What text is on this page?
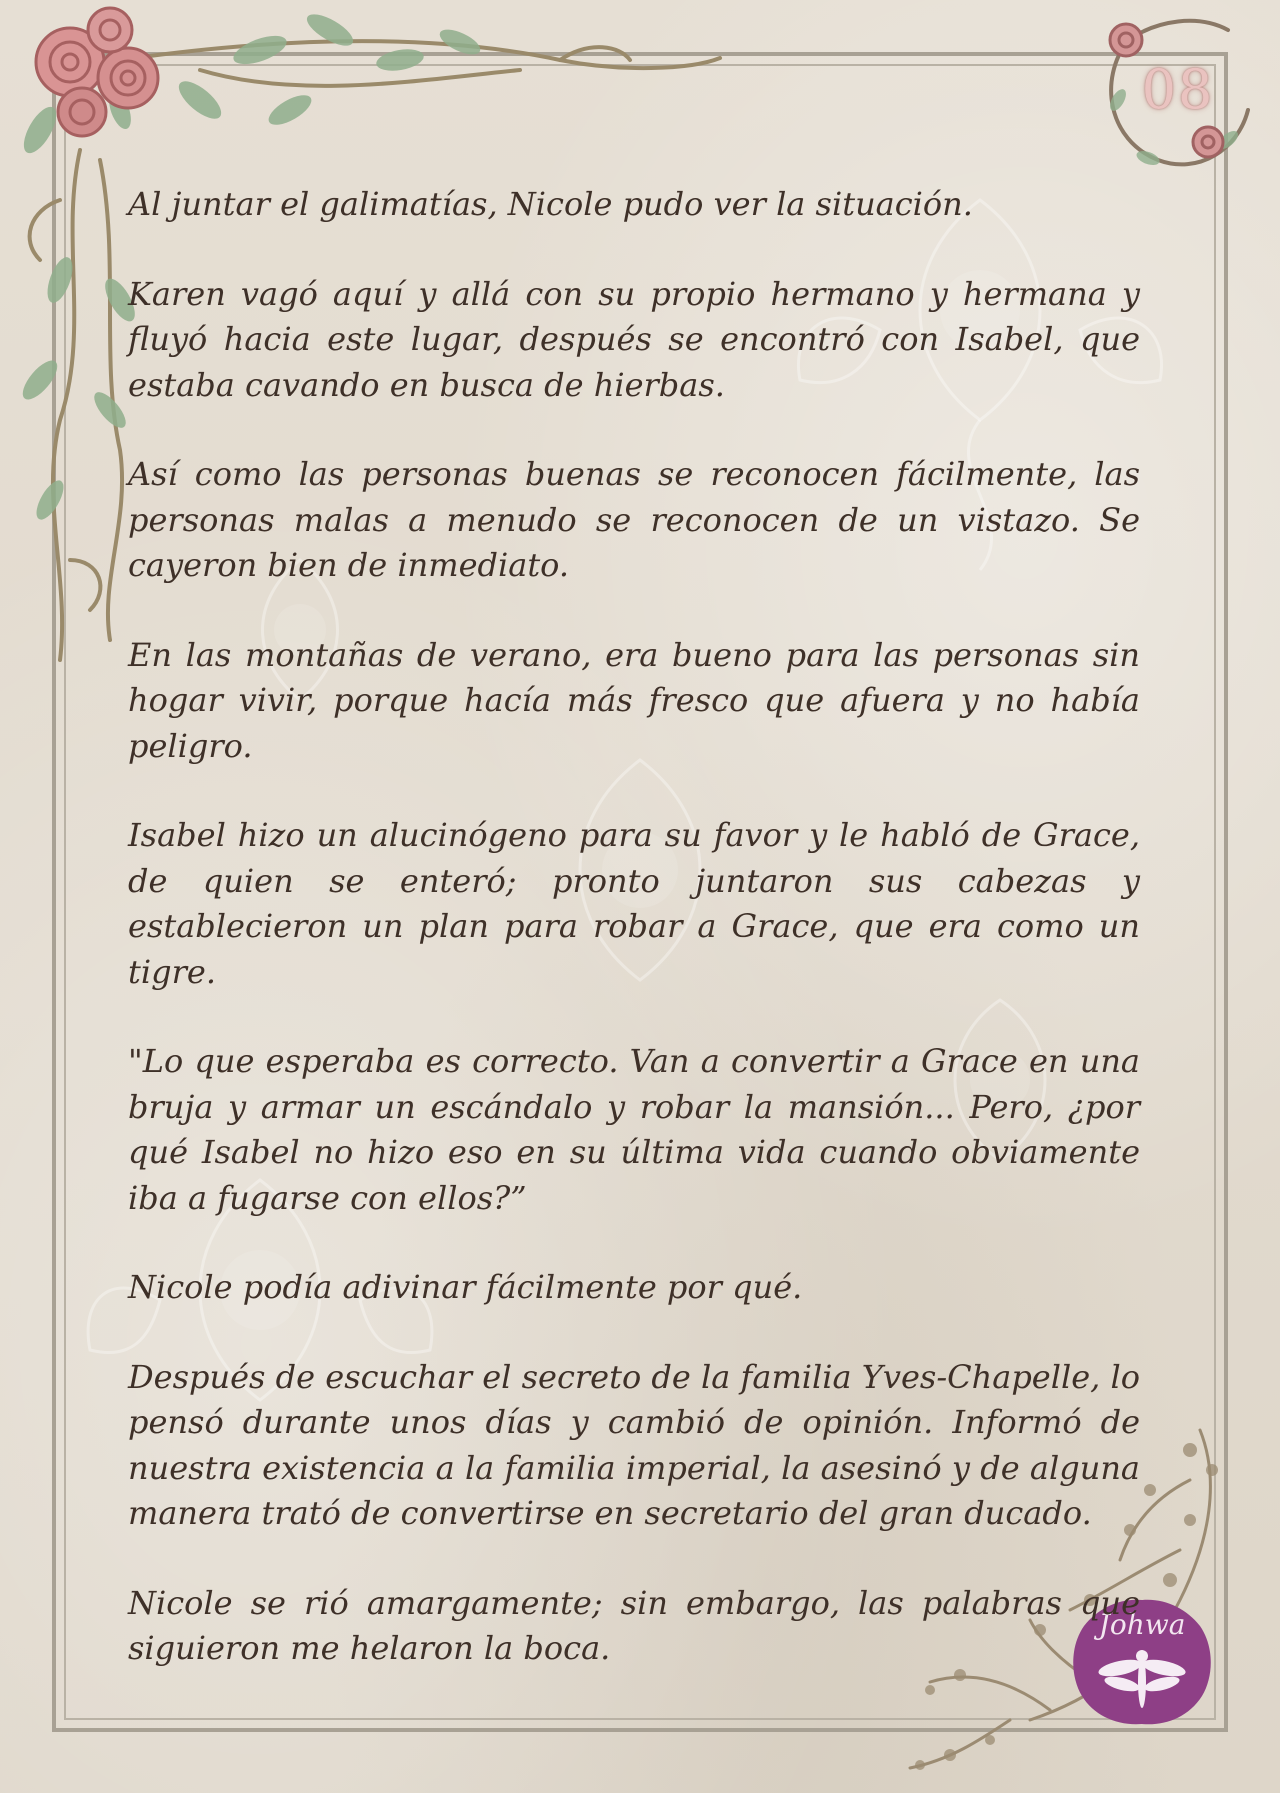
08
Johwa

Al juntar el galimatías, Nicole pudo ver la situación.

Karen vagó aquí y allá con su propio hermano y hermana y fluyó hacia este lugar, después se encontró con Isabel, que estaba cavando en busca de hierbas.

Así como las personas buenas se reconocen fácilmente, las personas malas a menudo se reconocen de un vistazo. Se cayeron bien de inmediato.

En las montañas de verano, era bueno para las personas sin hogar vivir, porque hacía más fresco que afuera y no había peligro.

Isabel hizo un alucinógeno para su favor y le habló de Grace, de quien se enteró; pronto juntaron sus cabezas y establecieron un plan para robar a Grace, que era como un tigre.

"Lo que esperaba es correcto. Van a convertir a Grace en una bruja y armar un escándalo y robar la mansión... Pero, ¿por qué Isabel no hizo eso en su última vida cuando obviamente iba a fugarse con ellos?”

Nicole podía adivinar fácilmente por qué.

Después de escuchar el secreto de la familia Yves-Chapelle, lo pensó durante unos días y cambió de opinión. Informó de nuestra existencia a la familia imperial, la asesinó y de alguna manera trató de convertirse en secretario del gran ducado.

Nicole se rió amargamente; sin embargo, las palabras que siguieron me helaron la boca.
